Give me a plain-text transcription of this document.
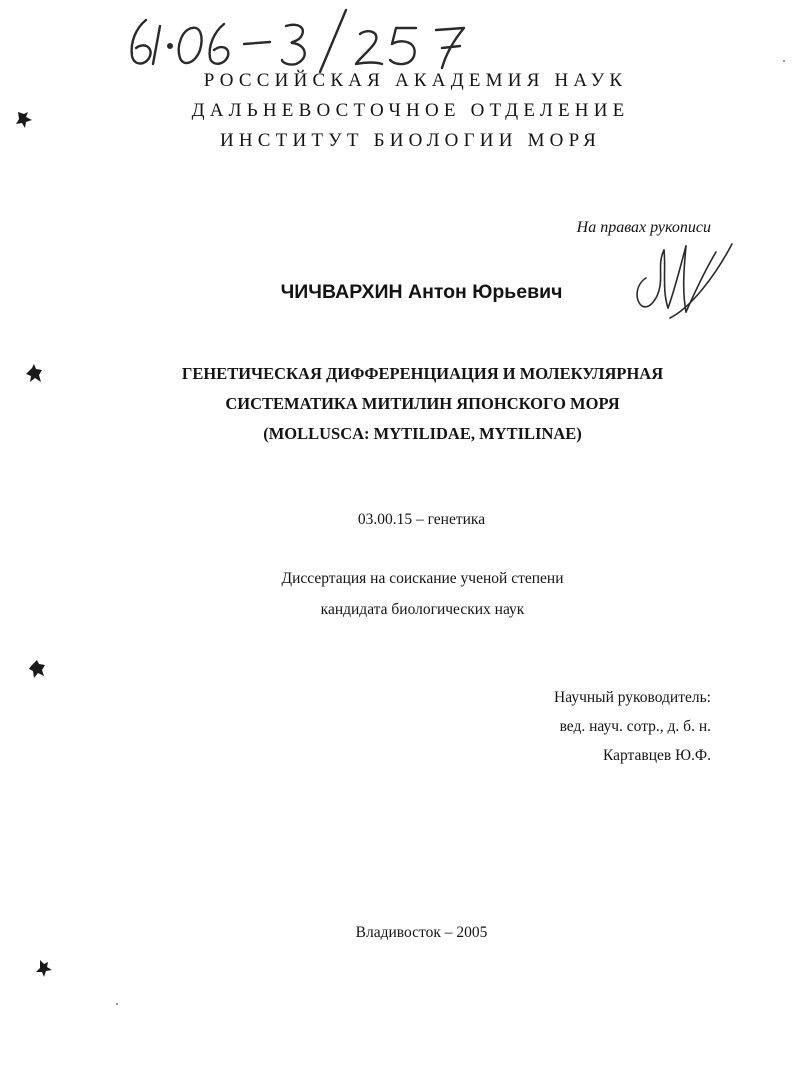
РОССИЙСКАЯ АКАДЕМИЯ НАУК
ДАЛЬНЕВОСТОЧНОЕ ОТДЕЛЕНИЕ
ИНСТИТУТ БИОЛОГИИ МОРЯ
На правах рукописи
ЧИЧВАРХИН Антон Юрьевич
ГЕНЕТИЧЕСКАЯ ДИФФЕРЕНЦИАЦИЯ И МОЛЕКУЛЯРНАЯ
СИСТЕМАТИКА МИТИЛИН ЯПОНСКОГО МОРЯ
(MOLLUSCA: MYTILIDAE, MYTILINAE)
03.00.15 – генетика
Диссертация на соискание ученой степени
кандидата биологических наук
Научный руководитель:
вед. науч. сотр., д. б. н.
Картавцев Ю.Ф.
Владивосток – 2005
